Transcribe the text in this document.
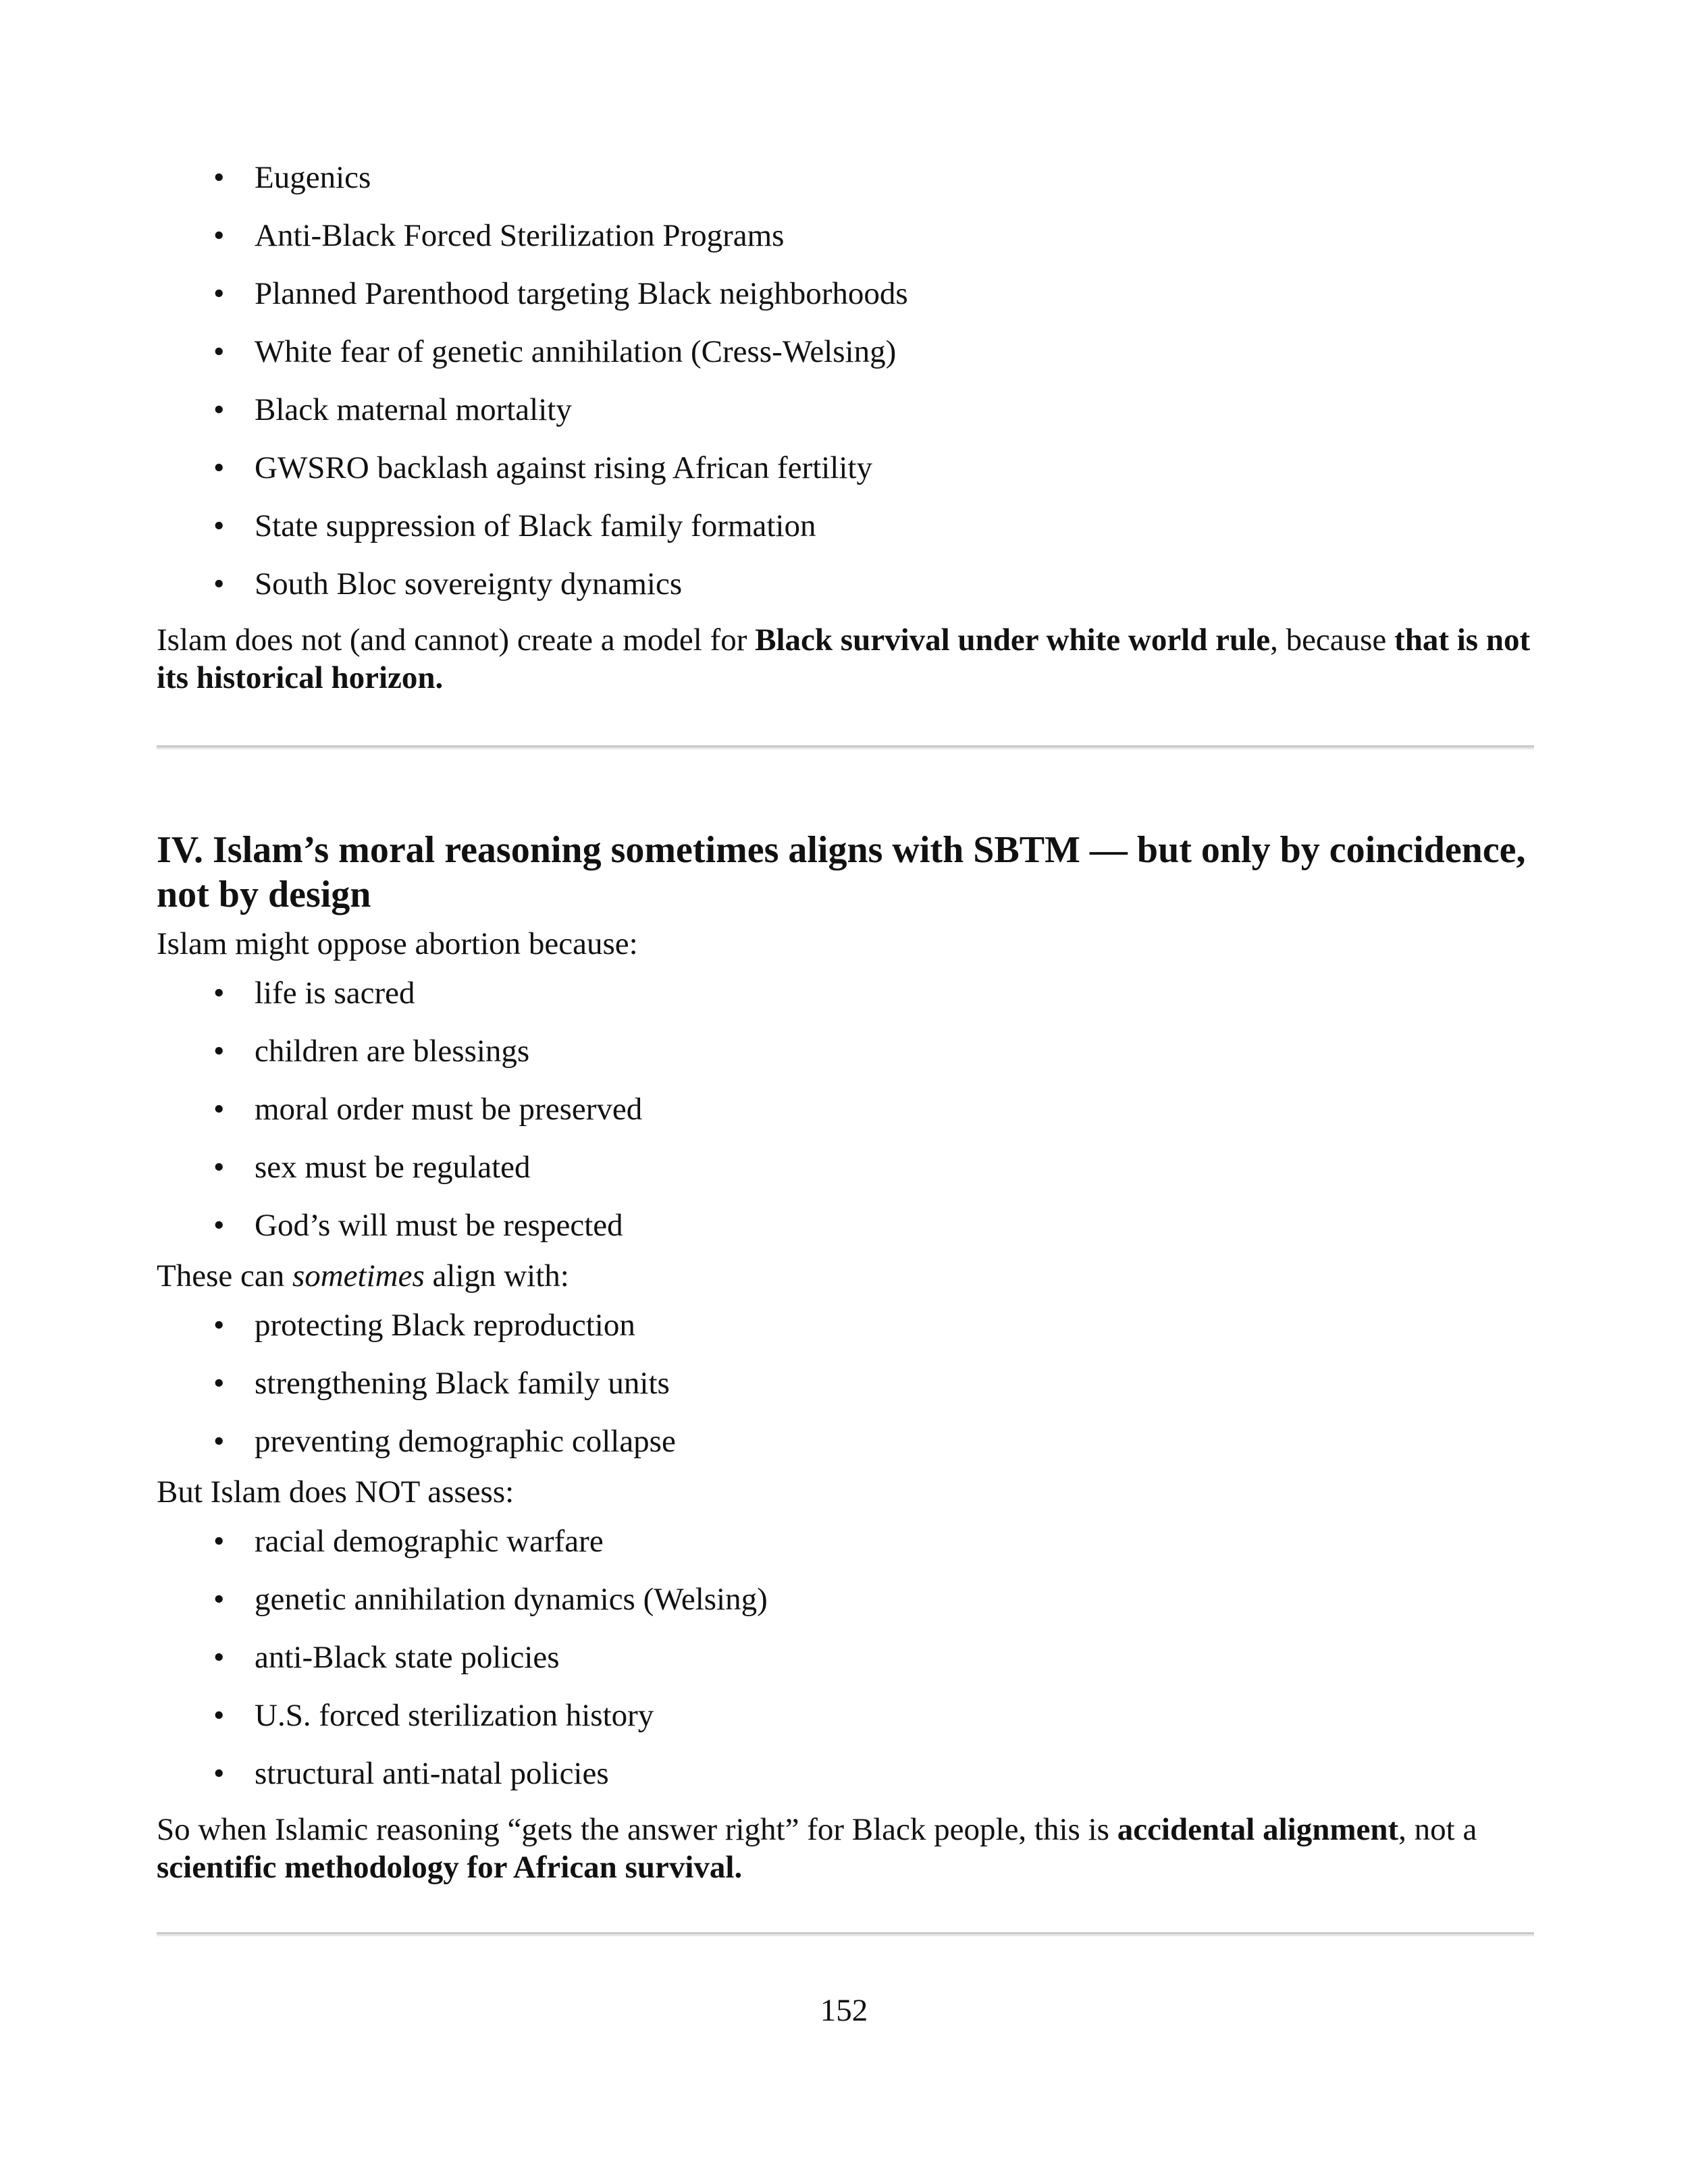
• Eugenics
• Anti-Black Forced Sterilization Programs
• Planned Parenthood targeting Black neighborhoods
• White fear of genetic annihilation (Cress-Welsing)
• Black maternal mortality
• GWSRO backlash against rising African fertility
• State suppression of Black family formation
• South Bloc sovereignty dynamics

Islam does not (and cannot) create a model for Black survival under white world rule, because that is not its historical horizon.

IV. Islam’s moral reasoning sometimes aligns with SBTM — but only by coincidence, not by design

Islam might oppose abortion because:

• life is sacred
• children are blessings
• moral order must be preserved
• sex must be regulated
• God’s will must be respected

These can sometimes align with:

• protecting Black reproduction
• strengthening Black family units
• preventing demographic collapse

But Islam does NOT assess:

• racial demographic warfare
• genetic annihilation dynamics (Welsing)
• anti-Black state policies
• U.S. forced sterilization history
• structural anti-natal policies

So when Islamic reasoning “gets the answer right” for Black people, this is accidental alignment, not a scientific methodology for African survival.

152
